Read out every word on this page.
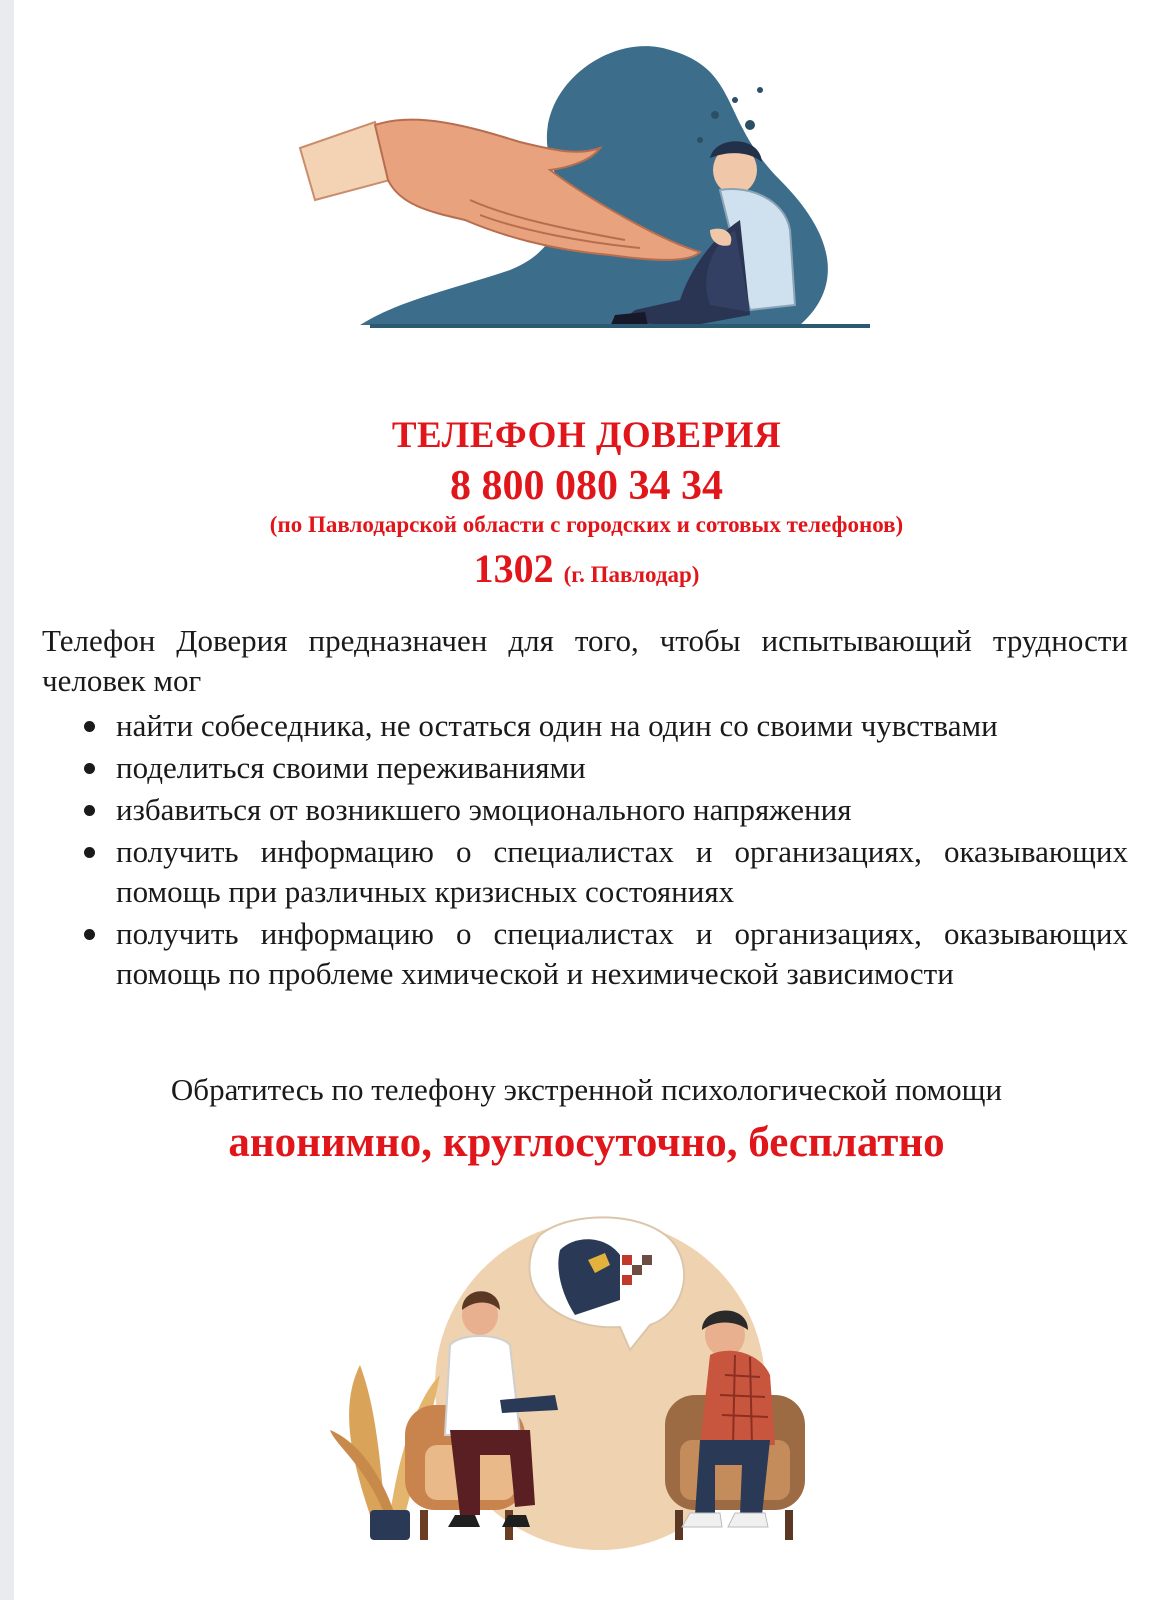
ТЕЛЕФОН ДОВЕРИЯ
8 800 080 34 34
(по Павлодарской области с городских и сотовых телефонов)
1302 (г. Павлодар)
Телефон Доверия предназначен для того, чтобы испытывающий трудности человек мог
найти собеседника, не остаться один на один со своими чувствами
поделиться своими переживаниями
избавиться от возникшего эмоционального напряжения
получить информацию о специалистах и организациях, оказывающих помощь при различных кризисных состояниях
получить информацию о специалистах и организациях, оказывающих помощь по проблеме химической и нехимической зависимости
Обратитесь по телефону экстренной психологической помощи
анонимно, круглосуточно, бесплатно
